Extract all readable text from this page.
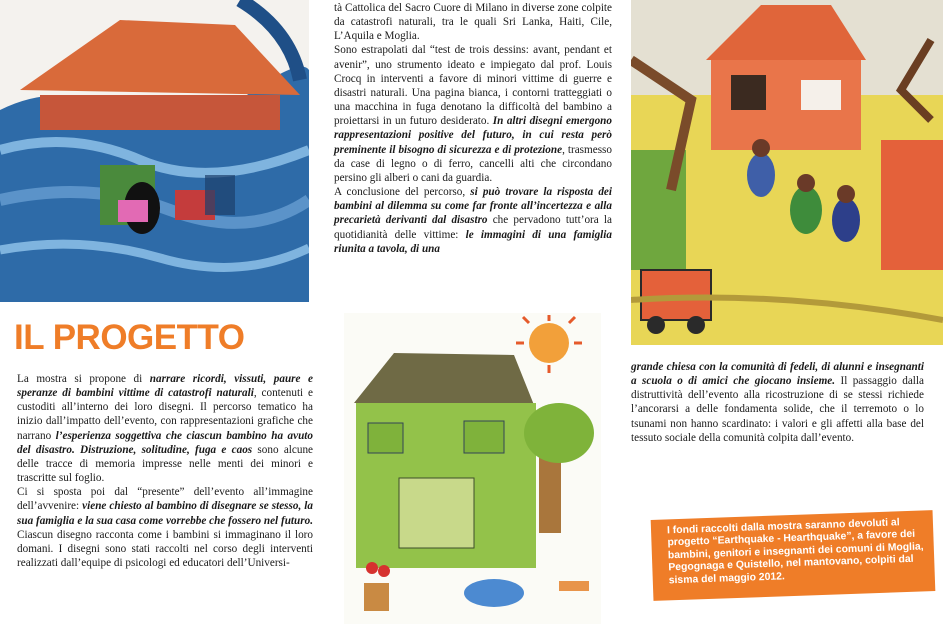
IL PROGETTO

La mostra si propone di narrare ricordi, vissuti, paure e speranze di bambini vittime di catastrofi naturali, contenuti e custoditi all’interno dei loro disegni. Il percorso tematico ha inizio dall’impatto dell’evento, con rappresentazioni grafiche che narrano l’esperienza soggettiva che ciascun bambino ha avuto del disastro. Distruzione, solitudine, fuga e caos sono alcune delle tracce di memoria impresse nelle menti dei minori e trascritte sul foglio.

Ci si sposta poi dal “presente” dell’evento all’immagine dell’avvenire: viene chiesto al bambino di disegnare se stesso, la sua famiglia e la sua casa come vorrebbe che fossero nel futuro. Ciascun disegno racconta come i bambini si immaginano il loro domani. I disegni sono stati raccolti nel corso degli interventi realizzati dall’equipe di psicologi ed educatori dell’Universi-

tà Cattolica del Sacro Cuore di Milano in diverse zone colpite da catastrofi naturali, tra le quali Sri Lanka, Haiti, Cile, L’Aquila e Moglia.

Sono estrapolati dal “test de trois dessins: avant, pendant et avenir”, uno strumento ideato e impiegato dal prof. Louis Crocq in interventi a favore di minori vittime di guerre e disastri naturali. Una pagina bianca, i contorni tratteggiati o una macchina in fuga denotano la difficoltà del bambino a proiettarsi in un futuro desiderato. In altri disegni emergono rappresentazioni positive del futuro, in cui resta però preminente il bisogno di sicurezza e di protezione, trasmesso da case di legno o di ferro, cancelli alti che circondano persino gli alberi o cani da guardia.

A conclusione del percorso, si può trovare la risposta dei bambini al dilemma su come far fronte all’incertezza e alla precarietà derivanti dal disastro che pervadono tutt’ora la quotidianità delle vittime: le immagini di una famiglia riunita a tavola, di una

grande chiesa con la comunità di fedeli, di alunni e insegnanti a scuola o di amici che giocano insieme. Il passaggio dalla distruttività dell’evento alla ricostruzione di se stessi richiede l’ancorarsi a delle fondamenta solide, che il terremoto o lo tsunami non hanno scardinato: i valori e gli affetti alla base del tessuto sociale della comunità colpita dall’evento.

I fondi raccolti dalla mostra saranno devoluti al progetto “Earthquake - Hearthquake”, a favore dei bambini, genitori e insegnanti dei comuni di Moglia, Pegognaga e Quistello, nel mantovano, colpiti dal sisma del maggio 2012.
